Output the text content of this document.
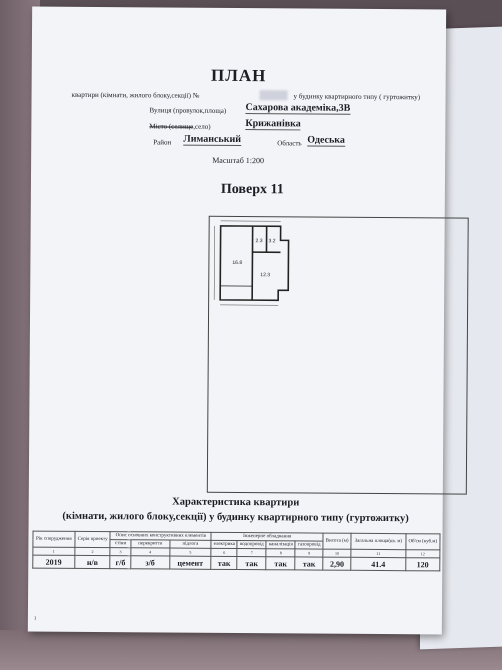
ПЛАН
квартири (кімнати, жилого блоку,секції) №	у будинку квартирного типу ( гуртожитку)
Вулиця (провулок,площа) Сахарова академіка,3В
Місто (селище,село)	Крижанівка
Район Лиманський	Область Одеська
Масштаб 1:200
Поверх 11
16.8
2.3 3.2
12.3
Характеристика квартири
(кімнати, жилого блоку,секції) у будинку квартирного типу (гуртожитку)
Рік спорудження	Серія проекту	Опис основних конструктивних елементів			Інженерне обладнання				Висота (м)	Загальна площа(кв. м)	Об'єм (куб.м)
		стіни	перекриття	підлога	електрика	водопровід	каналізація	газопровід			
1	2	3	4	5	6	7	8	9	10	11	12
2019	н/в	г/б	з/б	цемент	так	так	так	так	2,90	41.4	120
1
